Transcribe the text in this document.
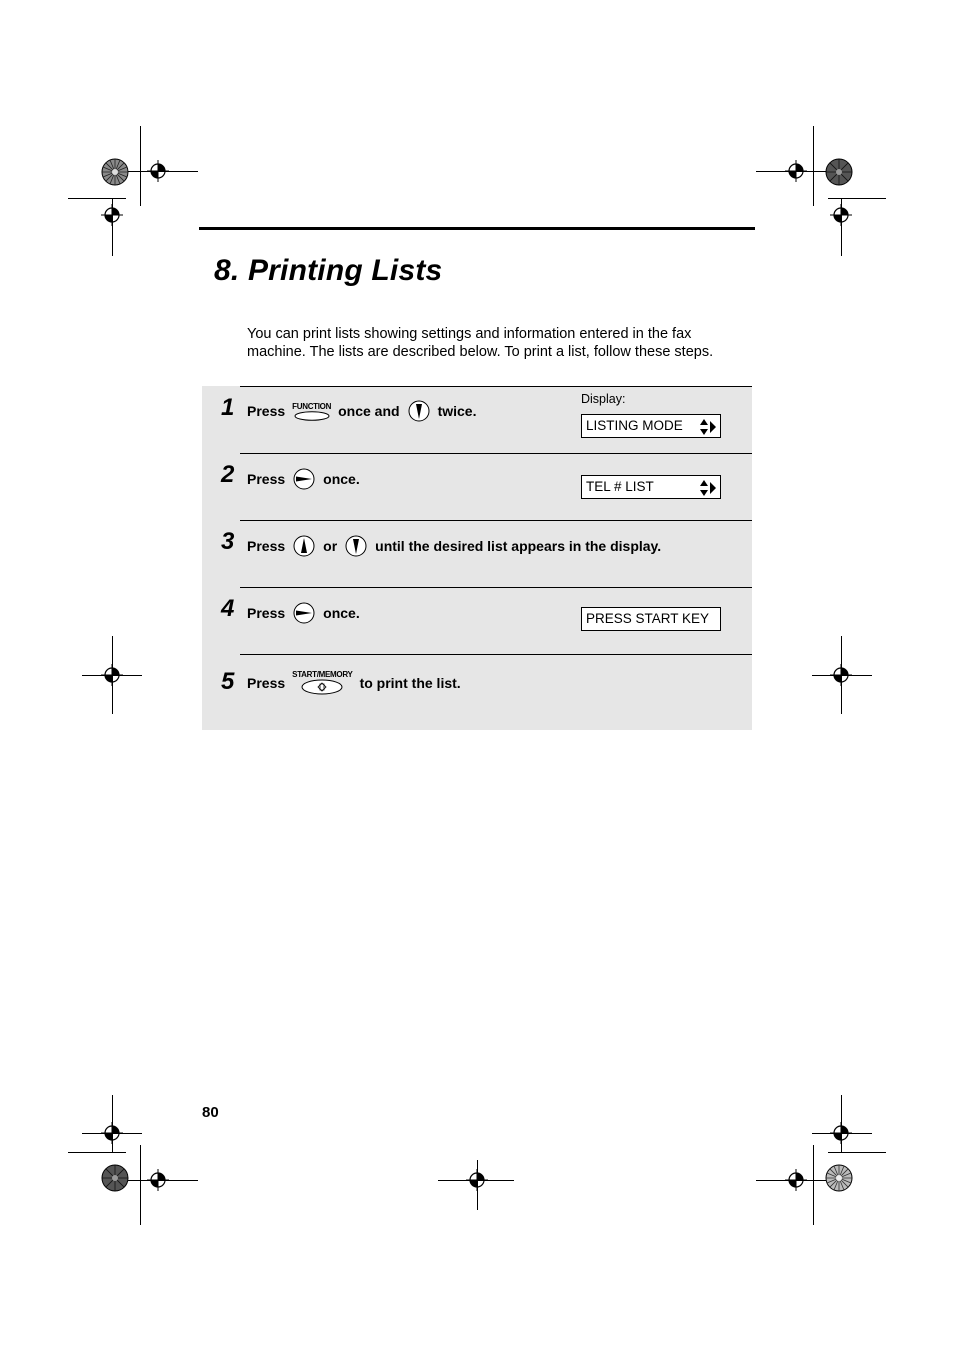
8. Printing Lists

You can print lists showing settings and information entered in the fax machine. The lists are described below. To print a list, follow these steps.

1 Press FUNCTION once and	twice.
Display:
LISTING MODE
2 Press	once.	TEL # LIST
3 Press	or	until the desired list appears in the display.
4 Press	once.	PRESS START KEY
5 Press START/MEMORY to print the list.
80
